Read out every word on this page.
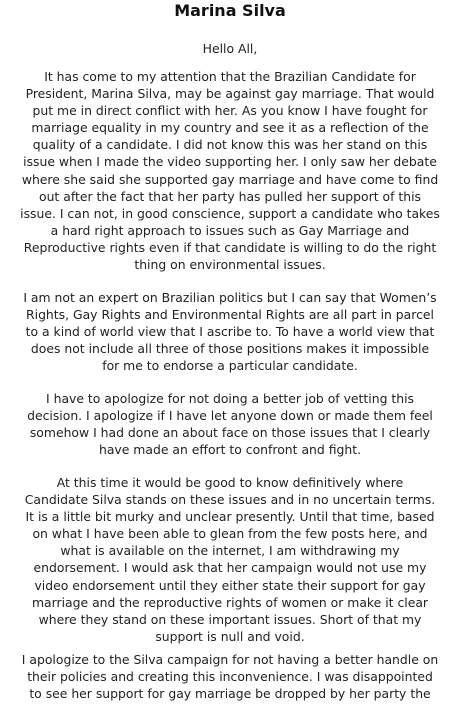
Marina Silva

Hello All,

It has come to my attention that the Brazilian Candidate for
President, Marina Silva, may be against gay marriage. That would
put me in direct conflict with her. As you know I have fought for
marriage equality in my country and see it as a reflection of the
quality of a candidate. I did not know this was her stand on this
issue when I made the video supporting her. I only saw her debate
where she said she supported gay marriage and have come to find
out after the fact that her party has pulled her support of this
issue. I can not, in good conscience, support a candidate who takes
a hard right approach to issues such as Gay Marriage and
Reproductive rights even if that candidate is willing to do the right
thing on environmental issues.

I am not an expert on Brazilian politics but I can say that Women’s
Rights, Gay Rights and Environmental Rights are all part in parcel
to a kind of world view that I ascribe to. To have a world view that
does not include all three of those positions makes it impossible
for me to endorse a particular candidate.

I have to apologize for not doing a better job of vetting this
decision. I apologize if I have let anyone down or made them feel
somehow I had done an about face on those issues that I clearly
have made an effort to confront and fight.

At this time it would be good to know definitively where
Candidate Silva stands on these issues and in no uncertain terms.
It is a little bit murky and unclear presently. Until that time, based
on what I have been able to glean from the few posts here, and
what is available on the internet, I am withdrawing my
endorsement. I would ask that her campaign would not use my
video endorsement until they either state their support for gay
marriage and the reproductive rights of women or make it clear
where they stand on these important issues. Short of that my
support is null and void.

I apologize to the Silva campaign for not having a better handle on
their policies and creating this inconvenience. I was disappointed
to see her support for gay marriage be dropped by her party the
